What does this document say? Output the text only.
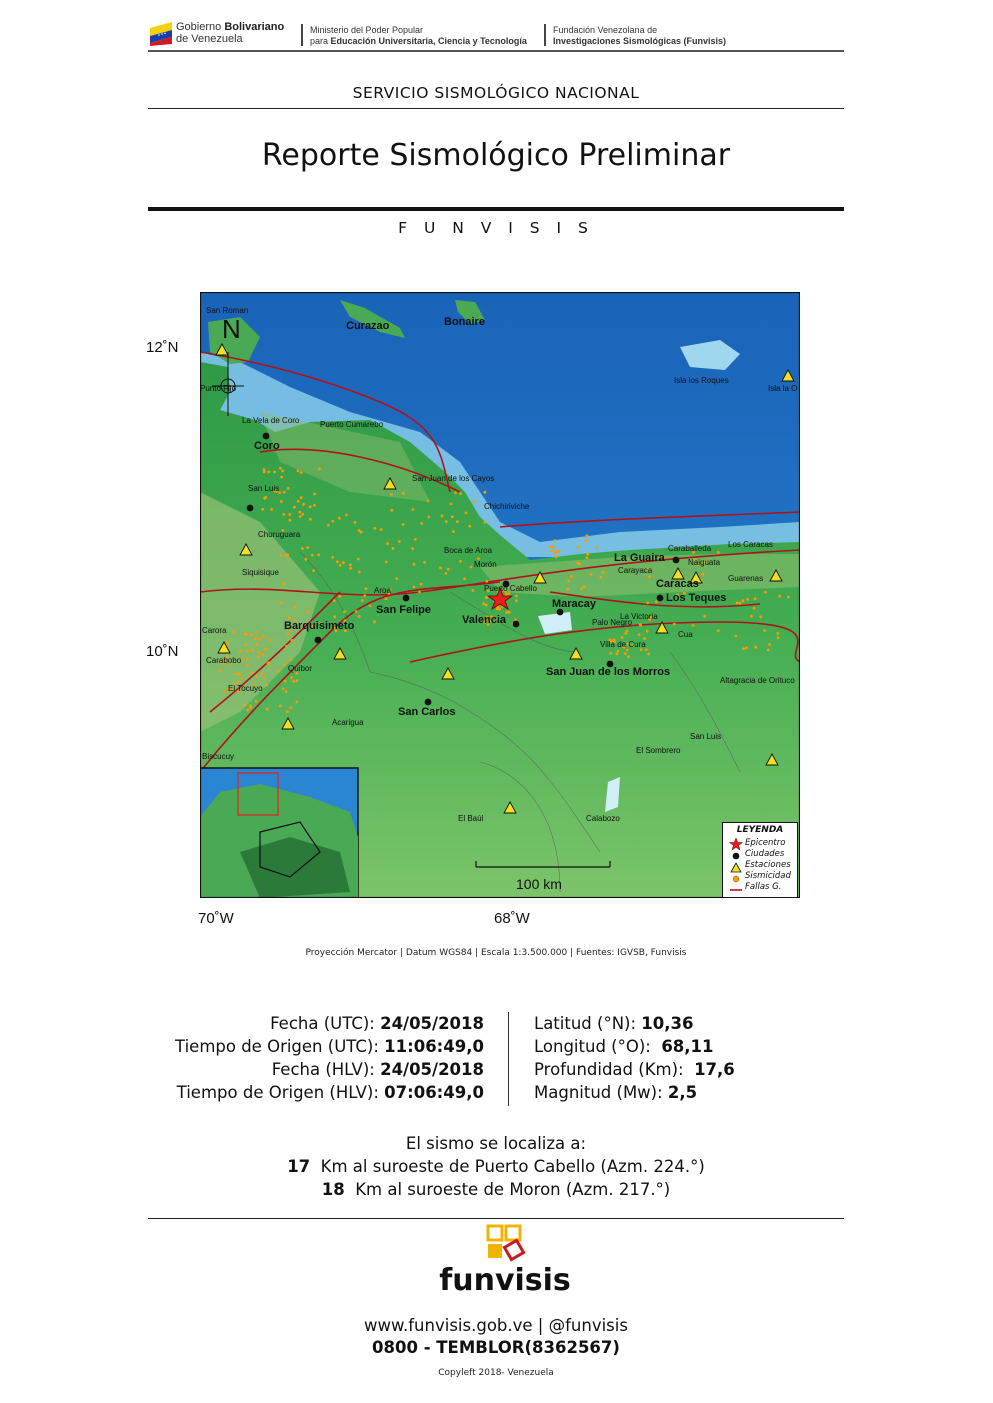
Gobierno Bolivariano
de Venezuela
Ministerio del Poder Popular
para Educación Universitaria, Ciencia y Tecnología
Fundación Venezolana de
Investigaciones Sismológicas (Funvisis)
SERVICIO SISMOLÓGICO NACIONAL
Reporte Sismológico Preliminar
F U N V I S I S
N	Curazao	Bonaire
Isla los Roques
Isla la O
Coro
San Felipe
Barquisimeto	Valencia
Maracay
La Guaira
Caracas
Los Teques
San Juan de los Morros
San Carlos
San Roman
Punto Fijo
La Vela de Coro	Puerto Cumarebo
San Luis
San Juan de los Cayos
Chichiriviche
Churuguara
Siquisique
Boca de Aroa
Morón
Puerto Cabello
Aroa
Carora
Quibor
Carabobo
El Tocuyo
Acarigua
Biscucuy
Caraballeda Los Caracas
Naiguata
Guarenas
Carayaca
Palo Negro
La Victoria
Cua
Villa de Cura
Altagracia de Orituco
San Luis
El Sombrero
El Baúl	Calabozo
100 km
LEYENDA
Epicentro
Ciudades
Estaciones
Sismicidad
Fallas G.
12˚N
10˚N
70˚W	68˚W
Proyección Mercator | Datum WGS84 | Escala 1:3.500.000 | Fuentes: IGVSB, Funvisis
Fecha (UTC): 24/05/2018
Tiempo de Origen (UTC): 11:06:49,0
Fecha (HLV): 24/05/2018
Tiempo de Origen (HLV): 07:06:49,0
Latitud (°N): 10,36
Longitud (°O):  68,11
Profundidad (Km):  17,6
Magnitud (Mw): 2,5
El sismo se localiza a:
17  Km al suroeste de Puerto Cabello (Azm. 224.°)
18  Km al suroeste de Moron (Azm. 217.°)
funvisis
www.funvisis.gob.ve | @funvisis
0800 - TEMBLOR(8362567)
Copyleft 2018- Venezuela
